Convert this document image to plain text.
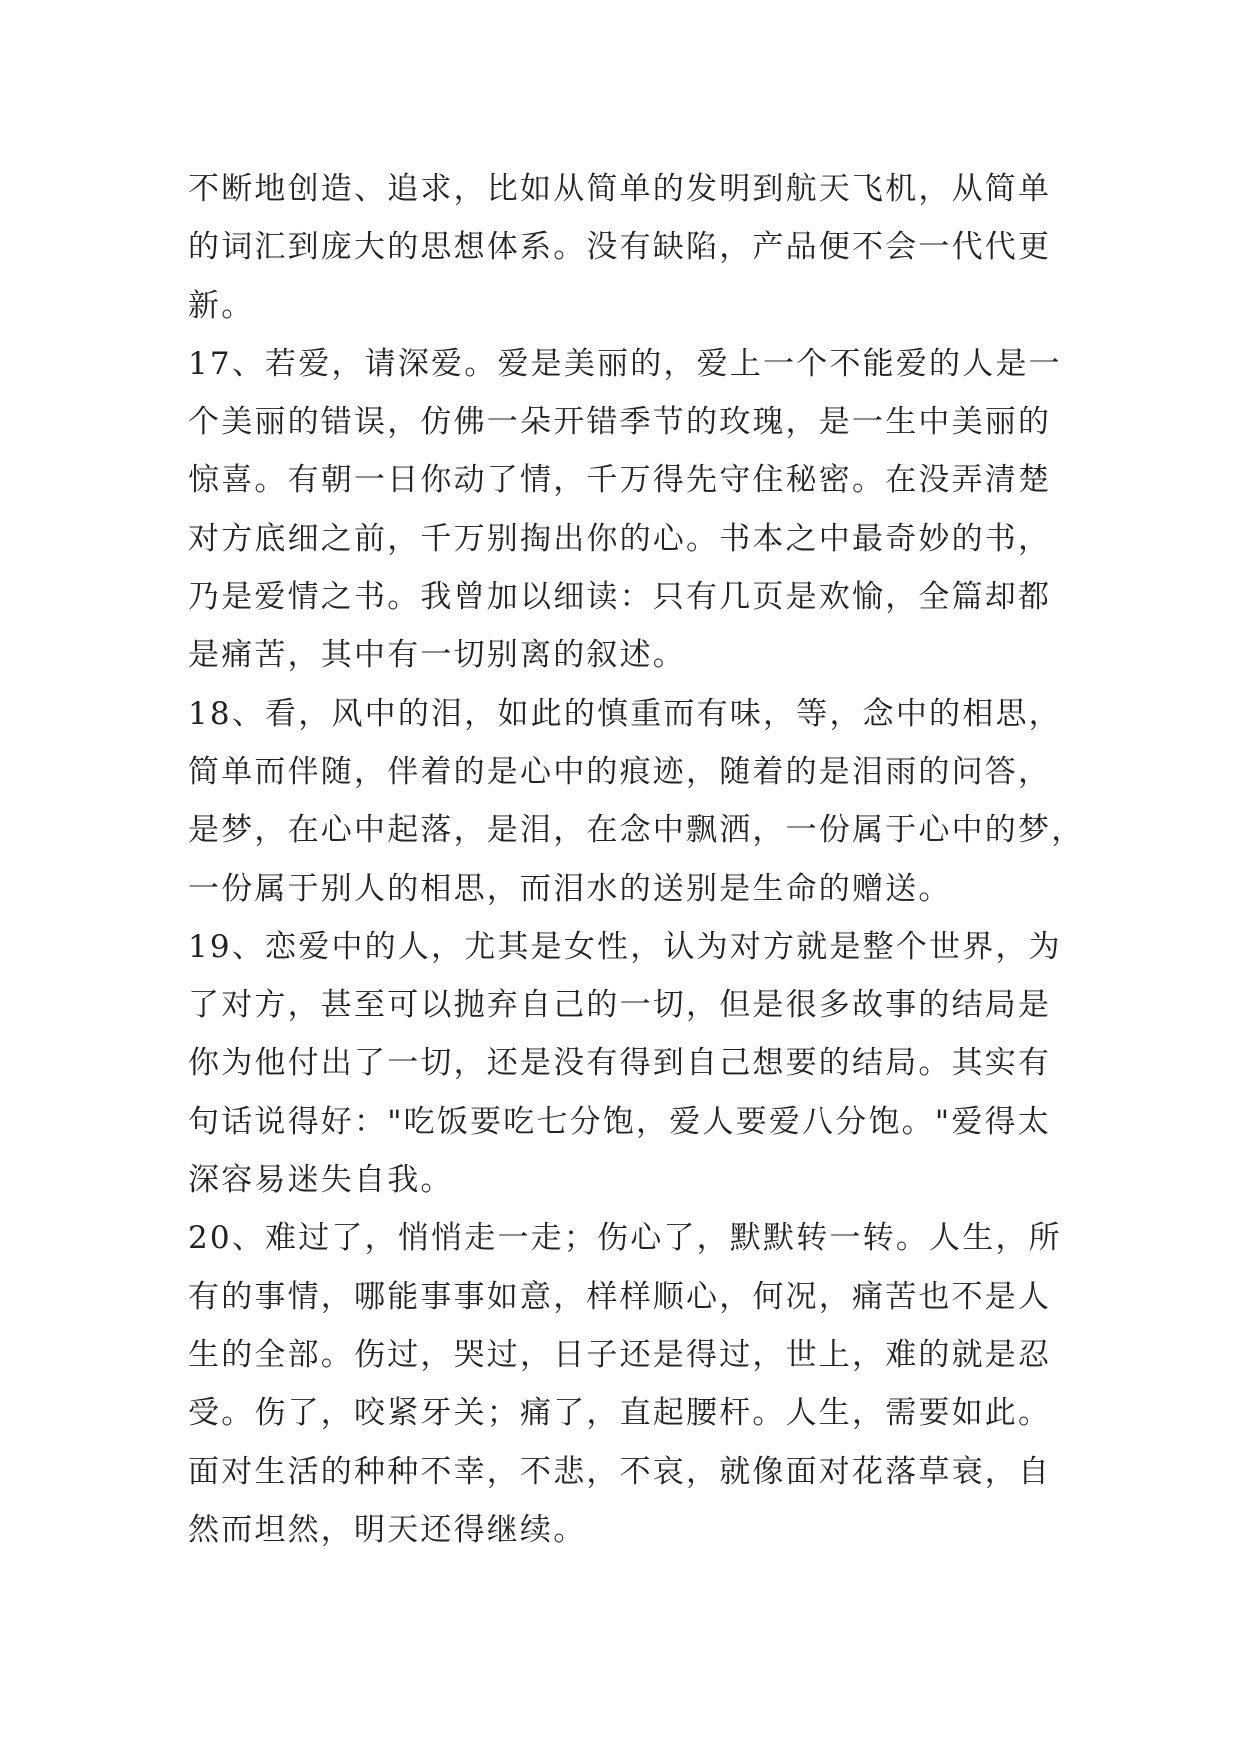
不断地创造、追求，比如从简单的发明到航天飞机，从简单
的词汇到庞大的思想体系。没有缺陷，产品便不会一代代更
新。
17、若爱，请深爱。爱是美丽的，爱上一个不能爱的人是一
个美丽的错误，仿佛一朵开错季节的玫瑰，是一生中美丽的
惊喜。有朝一日你动了情，千万得先守住秘密。在没弄清楚
对方底细之前，千万别掏出你的心。书本之中最奇妙的书，
乃是爱情之书。我曾加以细读：只有几页是欢愉，全篇却都
是痛苦，其中有一切别离的叙述。
18、看，风中的泪，如此的慎重而有味，等，念中的相思，
简单而伴随，伴着的是心中的痕迹，随着的是泪雨的问答，
是梦，在心中起落，是泪，在念中飘洒，一份属于心中的梦，
一份属于别人的相思，而泪水的送别是生命的赠送。
19、恋爱中的人，尤其是女性，认为对方就是整个世界，为
了对方，甚至可以抛弃自己的一切，但是很多故事的结局是
你为他付出了一切，还是没有得到自己想要的结局。其实有
句话说得好："吃饭要吃七分饱，爱人要爱八分饱。"爱得太
深容易迷失自我。
20、难过了，悄悄走一走；伤心了，默默转一转。人生，所
有的事情，哪能事事如意，样样顺心，何况，痛苦也不是人
生的全部。伤过，哭过，日子还是得过，世上，难的就是忍
受。伤了，咬紧牙关；痛了，直起腰杆。人生，需要如此。
面对生活的种种不幸，不悲，不哀，就像面对花落草衰，自
然而坦然，明天还得继续。
